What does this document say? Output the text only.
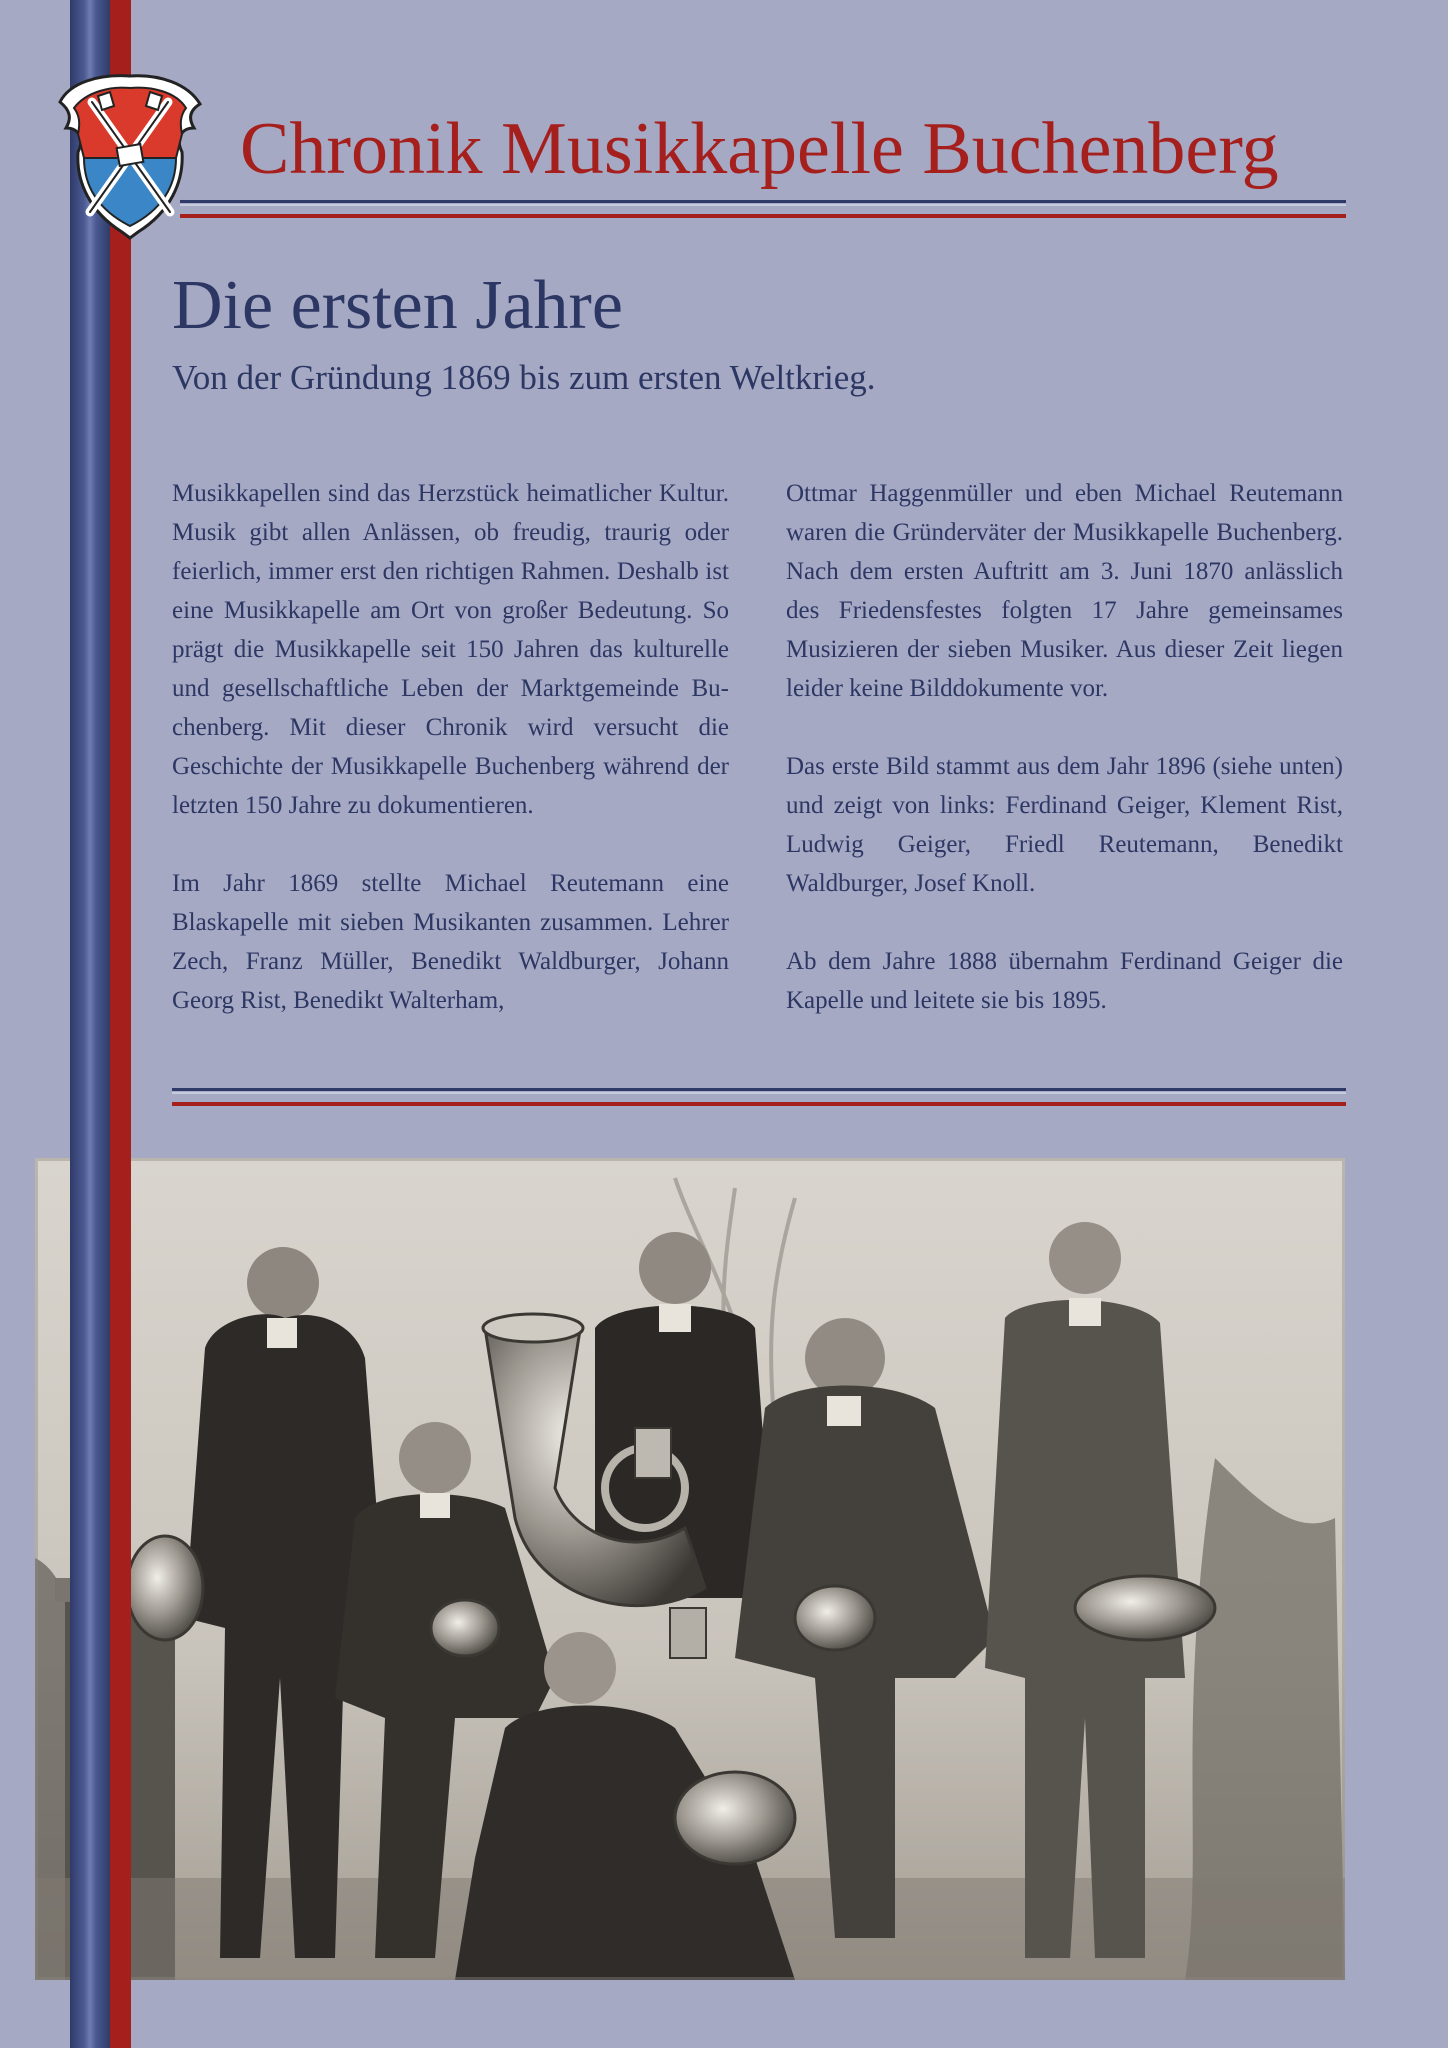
Chronik Musikkapelle Buchenberg
Die ersten Jahre
Von der Gründung 1869 bis zum ersten Weltkrieg.

Musikkapellen sind das Herzstück heimatlicher Kultur. Musik gibt allen Anlässen, ob freudig, traurig oder feierlich, immer erst den richtigen Rahmen. Deshalb ist eine Musikkapelle am Ort von großer Bedeutung. So prägt die Musikkapelle seit 150 Jahren das kulturelle und gesellschaftliche Leben der Marktgemeinde Buchenberg. Mit dieser Chronik wird versucht die Geschichte der Musikkapelle Buchenberg während der letzten 150 Jahre zu dokumentieren.

Im Jahr 1869 stellte Michael Reutemann eine Blaskapelle mit sieben Musikanten zusammen. Lehrer Zech, Franz Müller, Benedikt Waldburger, Johann Georg Rist, Benedikt Walterham,

Ottmar Haggenmüller und eben Michael Reutemann waren die Gründerväter der Musikkapelle Buchenberg. Nach dem ersten Auftritt am 3. Juni 1870 anlässlich des Friedensfestes folgten 17 Jahre gemeinsames Musizieren der sieben Musiker. Aus dieser Zeit liegen leider keine Bilddokumente vor.

Das erste Bild stammt aus dem Jahr 1896 (siehe unten) und zeigt von links: Ferdinand Geiger, Klement Rist, Ludwig Geiger, Friedl Reutemann, Benedikt Waldburger, Josef Knoll.

Ab dem Jahre 1888 übernahm Ferdinand Geiger die Kapelle und leitete sie bis 1895.
